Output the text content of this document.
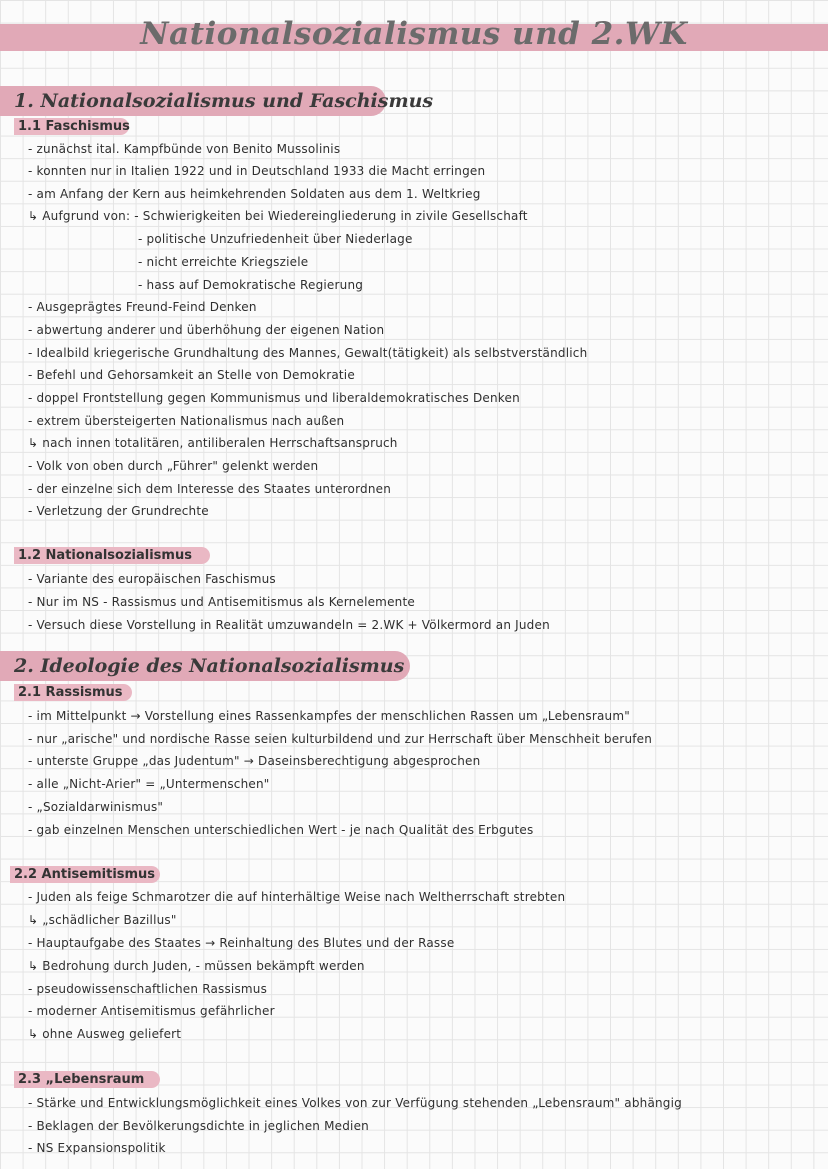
Nationalsozialismus und 2.WK
1. Nationalsozialismus und Faschismus
1.1 Faschismus
- zunächst ital. Kampfbünde von Benito Mussolinis
- konnten nur in Italien 1922 und in Deutschland 1933 die Macht erringen
- am Anfang der Kern aus heimkehrenden Soldaten aus dem 1. Weltkrieg
↳ Aufgrund von: - Schwierigkeiten bei Wiedereingliederung in zivile Gesellschaft
- politische Unzufriedenheit über Niederlage
- nicht erreichte Kriegsziele
- hass auf Demokratische Regierung
- Ausgeprägtes Freund-Feind Denken
- abwertung anderer und überhöhung der eigenen Nation
- Idealbild kriegerische Grundhaltung des Mannes, Gewalt(tätigkeit) als selbstverständlich
- Befehl und Gehorsamkeit an Stelle von Demokratie
- doppel Frontstellung gegen Kommunismus und liberaldemokratisches Denken
- extrem übersteigerten Nationalismus nach außen
↳ nach innen totalitären, antiliberalen Herrschaftsanspruch
- Volk von oben durch „Führer" gelenkt werden
- der einzelne sich dem Interesse des Staates unterordnen
- Verletzung der Grundrechte
1.2 Nationalsozialismus
- Variante des europäischen Faschismus
- Nur im NS - Rassismus und Antisemitismus als Kernelemente
- Versuch diese Vorstellung in Realität umzuwandeln = 2.WK + Völkermord an Juden
2. Ideologie des Nationalsozialismus
2.1 Rassismus
- im Mittelpunkt → Vorstellung eines Rassenkampfes der menschlichen Rassen um „Lebensraum"
- nur „arische" und nordische Rasse seien kulturbildend und zur Herrschaft über Menschheit berufen
- unterste Gruppe „das Judentum" → Daseinsberechtigung abgesprochen
- alle „Nicht-Arier" = „Untermenschen"
- „Sozialdarwinismus"
- gab einzelnen Menschen unterschiedlichen Wert - je nach Qualität des Erbgutes
2.2 Antisemitismus
- Juden als feige Schmarotzer die auf hinterhältige Weise nach Weltherrschaft strebten
↳ „schädlicher Bazillus"
- Hauptaufgabe des Staates → Reinhaltung des Blutes und der Rasse
↳ Bedrohung durch Juden, - müssen bekämpft werden
- pseudowissenschaftlichen Rassismus
- moderner Antisemitismus gefährlicher
↳ ohne Ausweg geliefert
2.3 „Lebensraum
- Stärke und Entwicklungsmöglichkeit eines Volkes von zur Verfügung stehenden „Lebensraum" abhängig
- Beklagen der Bevölkerungsdichte in jeglichen Medien
- NS Expansionspolitik
